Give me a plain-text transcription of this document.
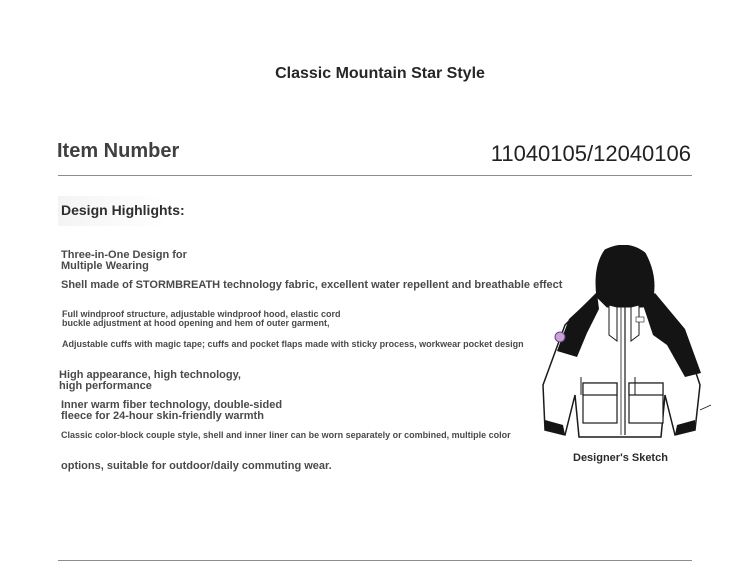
Classic Mountain Star Style
Item Number	11040105/12040106
Design Highlights:
Three-in-One Design for
Multiple Wearing
Shell made of STORMBREATH technology fabric, excellent water repellent and breathable effect
Full windproof structure, adjustable windproof hood, elastic cord
buckle adjustment at hood opening and hem of outer garment,
Adjustable cuffs with magic tape; cuffs and pocket flaps made with sticky process, workwear pocket design
High appearance, high technology,
high performance
Inner warm fiber technology, double-sided
fleece for 24-hour skin-friendly warmth
Classic color-block couple style, shell and inner liner can be worn separately or combined, multiple color
options, suitable for outdoor/daily commuting wear.
Designer's Sketch
